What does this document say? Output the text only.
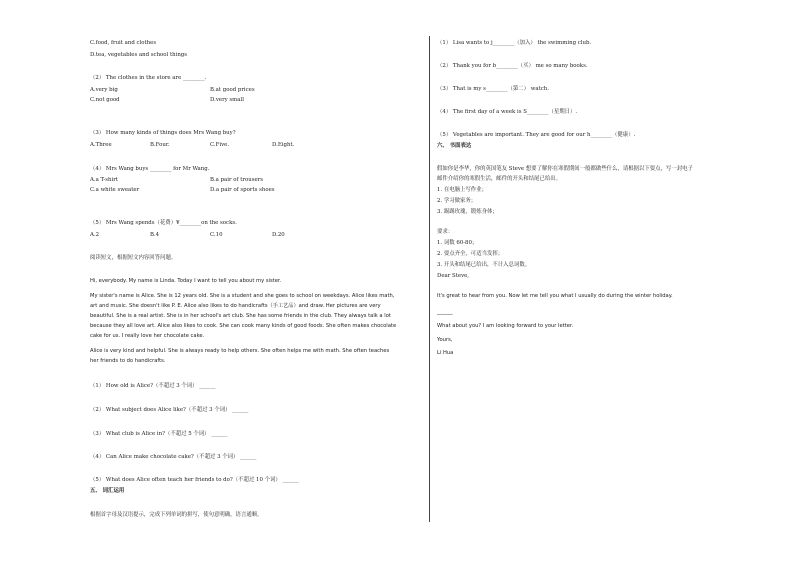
C.food, fruit and clothes
D.tea, vegetables and school things
（2） The clothes in the store are ________.
A.very big	B.at good prices
C.not good	D.very small
（3） How many kinds of things does Mrs Wang buy?
A.Three	B.Four.	C.Five.	D.Eight.
（4） Mrs Wang buys ________ for Mr Wang.
A.a T-shirt	B.a pair of trousers
C.a white sweater	D.a pair of sports shoes
（5） Mrs Wang spends（花费）¥________on the socks.
A.2	B.4	C.10	D.20
阅读短文，根据短文内容回答问题。
Hi, everybody. My name is Linda. Today I want to tell you about my sister.
My sister's name is Alice. She is 12 years old. She is a student and she goes to school on weekdays. Alice likes math,
art and music. She doesn't like P. E. Alice also likes to do handicrafts（手工艺品）and draw. Her pictures are very
beautiful. She is a real artist. She is in her school's art club. She has some friends in the club. They always talk a lot
because they all love art. Alice also likes to cook. She can cook many kinds of good foods. She often makes chocolate
cake for us. I really love her chocolate cake.
Alice is very kind and helpful. She is always ready to help others. She often helps me with math. She often teaches
her friends to do handicrafts.
（1） How old is Alice?（不超过 3 个词） ______
（2） What subject does Alice like?（不超过 3 个词） ______
（3） What club is Alice in?（不超过 5 个词） ______
（4） Can Alice make chocolate cake?（不超过 3 个词） ______
（5） What does Alice often teach her friends to do?（不超过 10 个词） ______
五、 词汇运用
根据首字母及汉语提示，完成下列单词的拼写，使句意明确，语言通顺。
（1） Lisa wants to j________（加入） the swimming club.
（2） Thank you for b________（买） me so many books.
（3） That is my s________（第二） watch.
（4） The first day of a week is S________（星期日）.
（5） Vegetables are important. They are good for our h________（健康）.
六、 书面表达
假如你是李华，你的英国笔友 Steve 想要了解你在寒假期间一般都做些什么，请根据以下要点，写一封电子
邮件介绍你的寒假生活，邮件的开头和结尾已给出。
1. 在电脑上写作业；
2. 学习做家务；
3. 踢踢玫瑰，锻炼身体；
要求：
1. 词数 60-80；
2. 要点齐全，可适当发挥；
3. 开头和结尾已给出，不计入总词数。
Dear Steve,
It's great to hear from you. Now let me tell you what I usually do during the winter holiday.
______
What about you? I am looking forward to your letter.
Yours,
Li Hua
